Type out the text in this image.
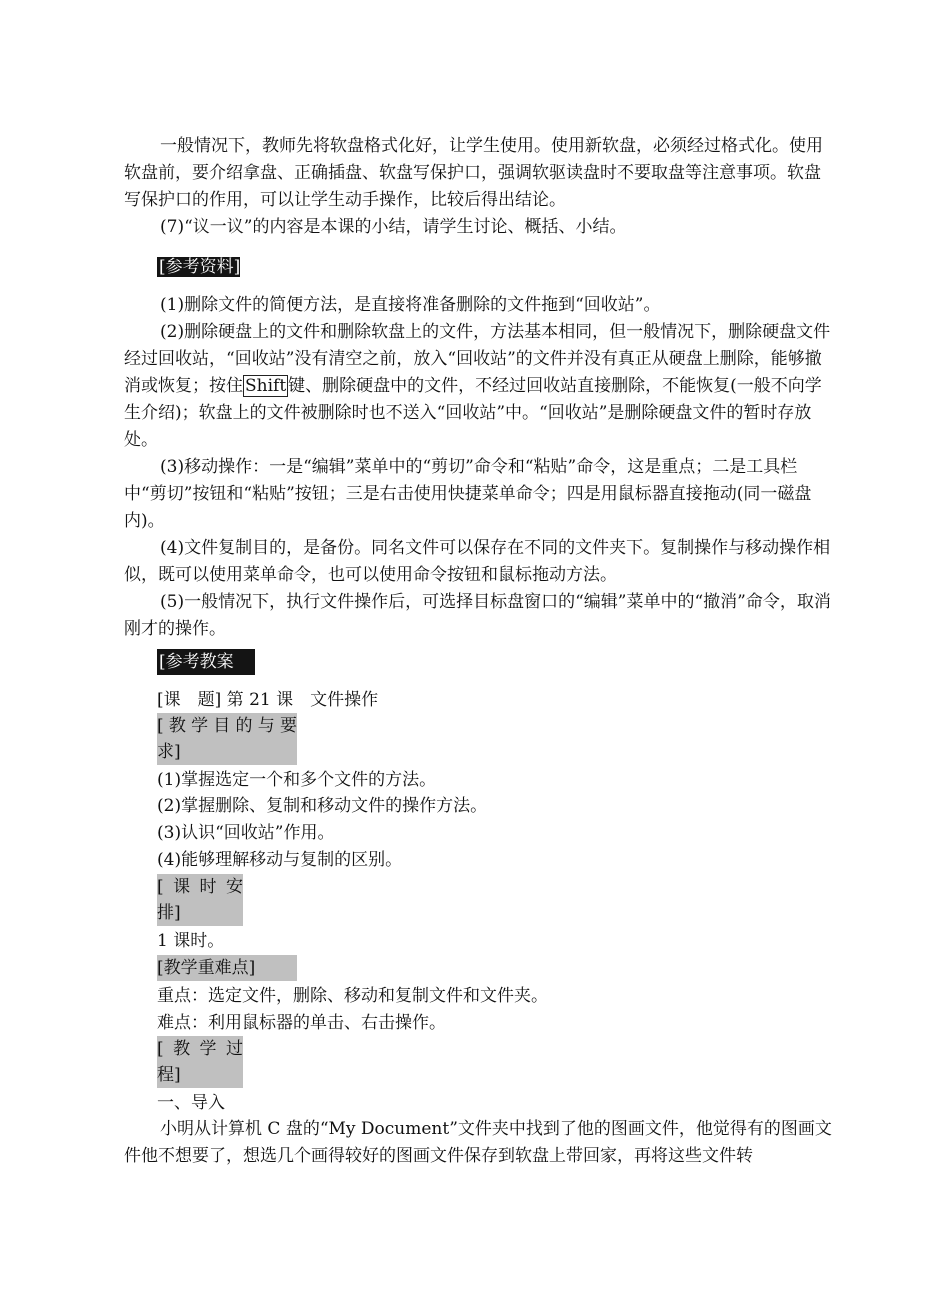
一般情况下，教师先将软盘格式化好，让学生使用。使用新软盘，必须经过格式化。使用软盘前，要介绍拿盘、正确插盘、软盘写保护口，强调软驱读盘时不要取盘等注意事项。软盘写保护口的作用，可以让学生动手操作，比较后得出结论。
(7)“议一议”的内容是本课的小结，请学生讨论、概括、小结。
[参考资料]
(1)删除文件的简便方法，是直接将准备删除的文件拖到“回收站”。
(2)删除硬盘上的文件和删除软盘上的文件，方法基本相同，但一般情况下，删除硬盘文件经过回收站，“回收站”没有清空之前，放入“回收站”的文件并没有真正从硬盘上删除，能够撤消或恢复；按住 Shift 键、删除硬盘中的文件，不经过回收站直接删除，不能恢复(一般不向学生介绍)；软盘上的文件被删除时也不送入“回收站”中。“回收站”是删除硬盘文件的暂时存放处。
(3)移动操作：一是“编辑”菜单中的“剪切”命令和“粘贴”命令，这是重点；二是工具栏中“剪切”按钮和“粘贴”按钮；三是右击使用快捷菜单命令；四是用鼠标器直接拖动(同一磁盘内)。
(4)文件复制目的，是备份。同名文件可以保存在不同的文件夹下。复制操作与移动操作相似，既可以使用菜单命令，也可以使用命令按钮和鼠标拖动方法。
(5)一般情况下，执行文件操作后，可选择目标盘窗口的“编辑”菜单中的“撤消”命令，取消刚才的操作。
[参考教案
[课　题] 第 21 课　文件操作
[教学目的与要
求]
(1)掌握选定一个和多个文件的方法。
(2)掌握删除、复制和移动文件的操作方法。
(3)认识“回收站”作用。
(4)能够理解移动与复制的区别。
[课时安
排]
1 课时。
[教学重难点]
重点：选定文件，删除、移动和复制文件和文件夹。
难点：利用鼠标器的单击、右击操作。
[教学过
程]
一、导入
小明从计算机 C 盘的“My Document”文件夹中找到了他的图画文件，他觉得有的图画文件他不想要了，想选几个画得较好的图画文件保存到软盘上带回家，再将这些文件转
